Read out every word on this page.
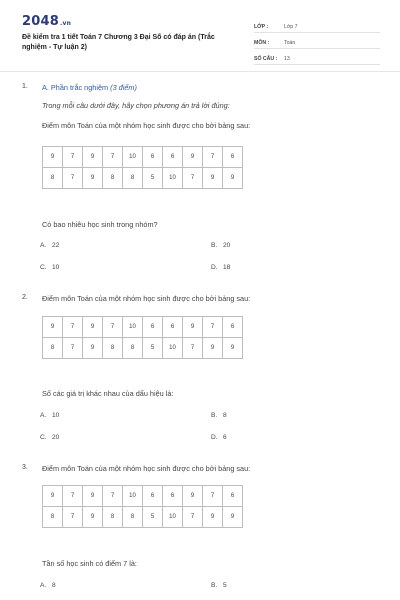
2048.vn
Đề kiểm tra 1 tiết Toán 7 Chương 3 Đại Số có đáp án (Trắc nghiệm - Tự luận 2)
LỚP :	Lớp 7
MÔN :	Toán
SỐ CÂU :	13
1. A. Phần trắc nghiệm (3 điểm)
Trong mỗi câu dưới đây, hãy chọn phương án trả lời đúng:
Điểm môn Toán của một nhóm học sinh được cho bởi bảng sau:
9	7	9	7	10	6	6	9	7	6
8	7	9	8	8	5	10	7	9	9
Có bao nhiêu học sinh trong nhóm?
A. 22	B. 20
C. 10	D. 18
2. Điểm môn Toán của một nhóm học sinh được cho bởi bảng sau:
9	7	9	7	10	6	6	9	7	6
8	7	9	8	8	5	10	7	9	9
Số các giá trị khác nhau của dấu hiệu là:
A. 10	B. 8
C. 20	D. 6
3. Điểm môn Toán của một nhóm học sinh được cho bởi bảng sau:
9	7	9	7	10	6	6	9	7	6
8	7	9	8	8	5	10	7	9	9
Tần số học sinh có điểm 7 là:
A. 8	B. 5
